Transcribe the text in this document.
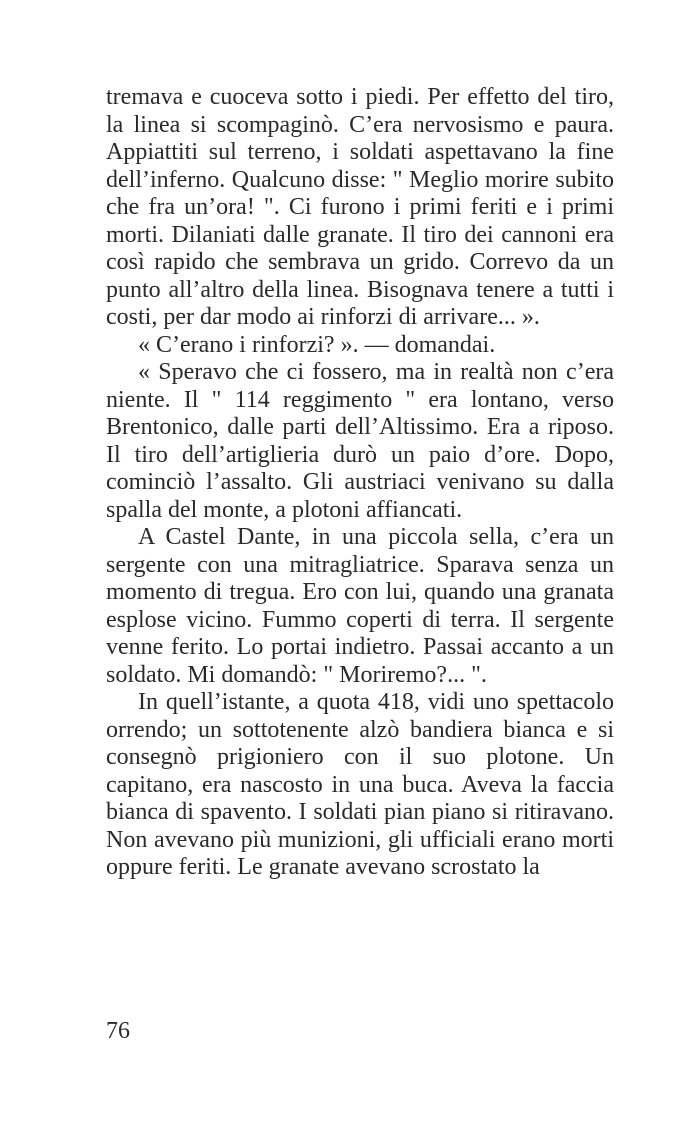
tremava e cuoceva sotto i piedi. Per effetto del tiro, la linea si scompaginò. C’era nervosismo e paura. Appiattiti sul terreno, i soldati aspettavano la fine dell’inferno. Qualcuno disse: " Meglio morire subito che fra un’ora! ". Ci furono i primi feriti e i primi morti. Dilaniati dalle granate. Il tiro dei cannoni era così rapido che sembrava un grido. Correvo da un punto all’altro della linea. Bisognava tenere a tutti i costi, per dar modo ai rinforzi di arrivare... ».

« C’erano i rinforzi? ». — domandai.

« Speravo che ci fossero, ma in realtà non c’era niente. Il " 114 reggimento " era lontano, verso Brentonico, dalle parti dell’Altissimo. Era a riposo. Il tiro dell’artiglieria durò un paio d’ore. Dopo, cominciò l’assalto. Gli austriaci venivano su dalla spalla del monte, a plotoni affiancati.

A Castel Dante, in una piccola sella, c’era un sergente con una mitragliatrice. Sparava senza un momento di tregua. Ero con lui, quando una granata esplose vicino. Fummo coperti di terra. Il sergente venne ferito. Lo portai indietro. Passai accanto a un soldato. Mi domandò: " Moriremo?... ".

In quell’istante, a quota 418, vidi uno spettacolo orrendo; un sottotenente alzò bandiera bianca e si consegnò prigioniero con il suo plotone. Un capitano, era nascosto in una buca. Aveva la faccia bianca di spavento. I soldati pian piano si ritiravano. Non avevano più munizioni, gli ufficiali erano morti oppure feriti. Le granate avevano scrostato la

76
